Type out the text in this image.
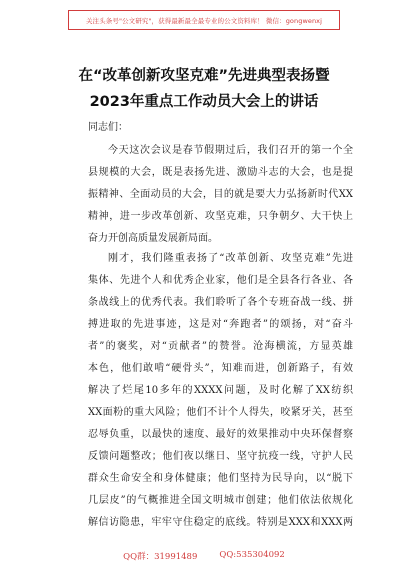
关注头条号"公文研究"，获得最新最全最专业的公文资料库！ 微信：gongwenxj
在“改革创新攻坚克难”先进典型表扬暨
2023年重点工作动员大会上的讲话
同志们：
今天这次会议是春节假期过后，我们召开的第一个全
县规模的大会，既是表扬先进、激励斗志的大会，也是提
振精神、全面动员的大会，目的就是要大力弘扬新时代XX
精神，进一步改革创新、攻坚克难，只争朝夕、大干快上
奋力开创高质量发展新局面。
刚才，我们隆重表扬了“改革创新、攻坚克难”先进
集体、先进个人和优秀企业家，他们是全县各行各业、各
条战线上的优秀代表。我们聆听了各个专班奋战一线、拼
搏进取的先进事迹，这是对“奔跑者”的颂扬，对“奋斗
者”的褒奖，对“贡献者”的赞誉。沧海横流，方显英雄
本色，他们敢啃“硬骨头”，知难而进，创新路子，有效
解决了烂尾10多年的XXXX问题，及时化解了XX纺织
XX面粉的重大风险；他们不计个人得失，咬紧牙关，甚至
忍辱负重，以最快的速度、最好的效果推动中央环保督察
反馈问题整改；他们夜以继日、坚守抗疫一线，守护人民
群众生命安全和身体健康；他们坚持为民导向，以“脱下
几层皮”的气概推进全国文明城市创建；他们依法依规化
解信访隐患，牢牢守住稳定的底线。特别是XXX和XXX两
QQ群：31991489	QQ:535304092
